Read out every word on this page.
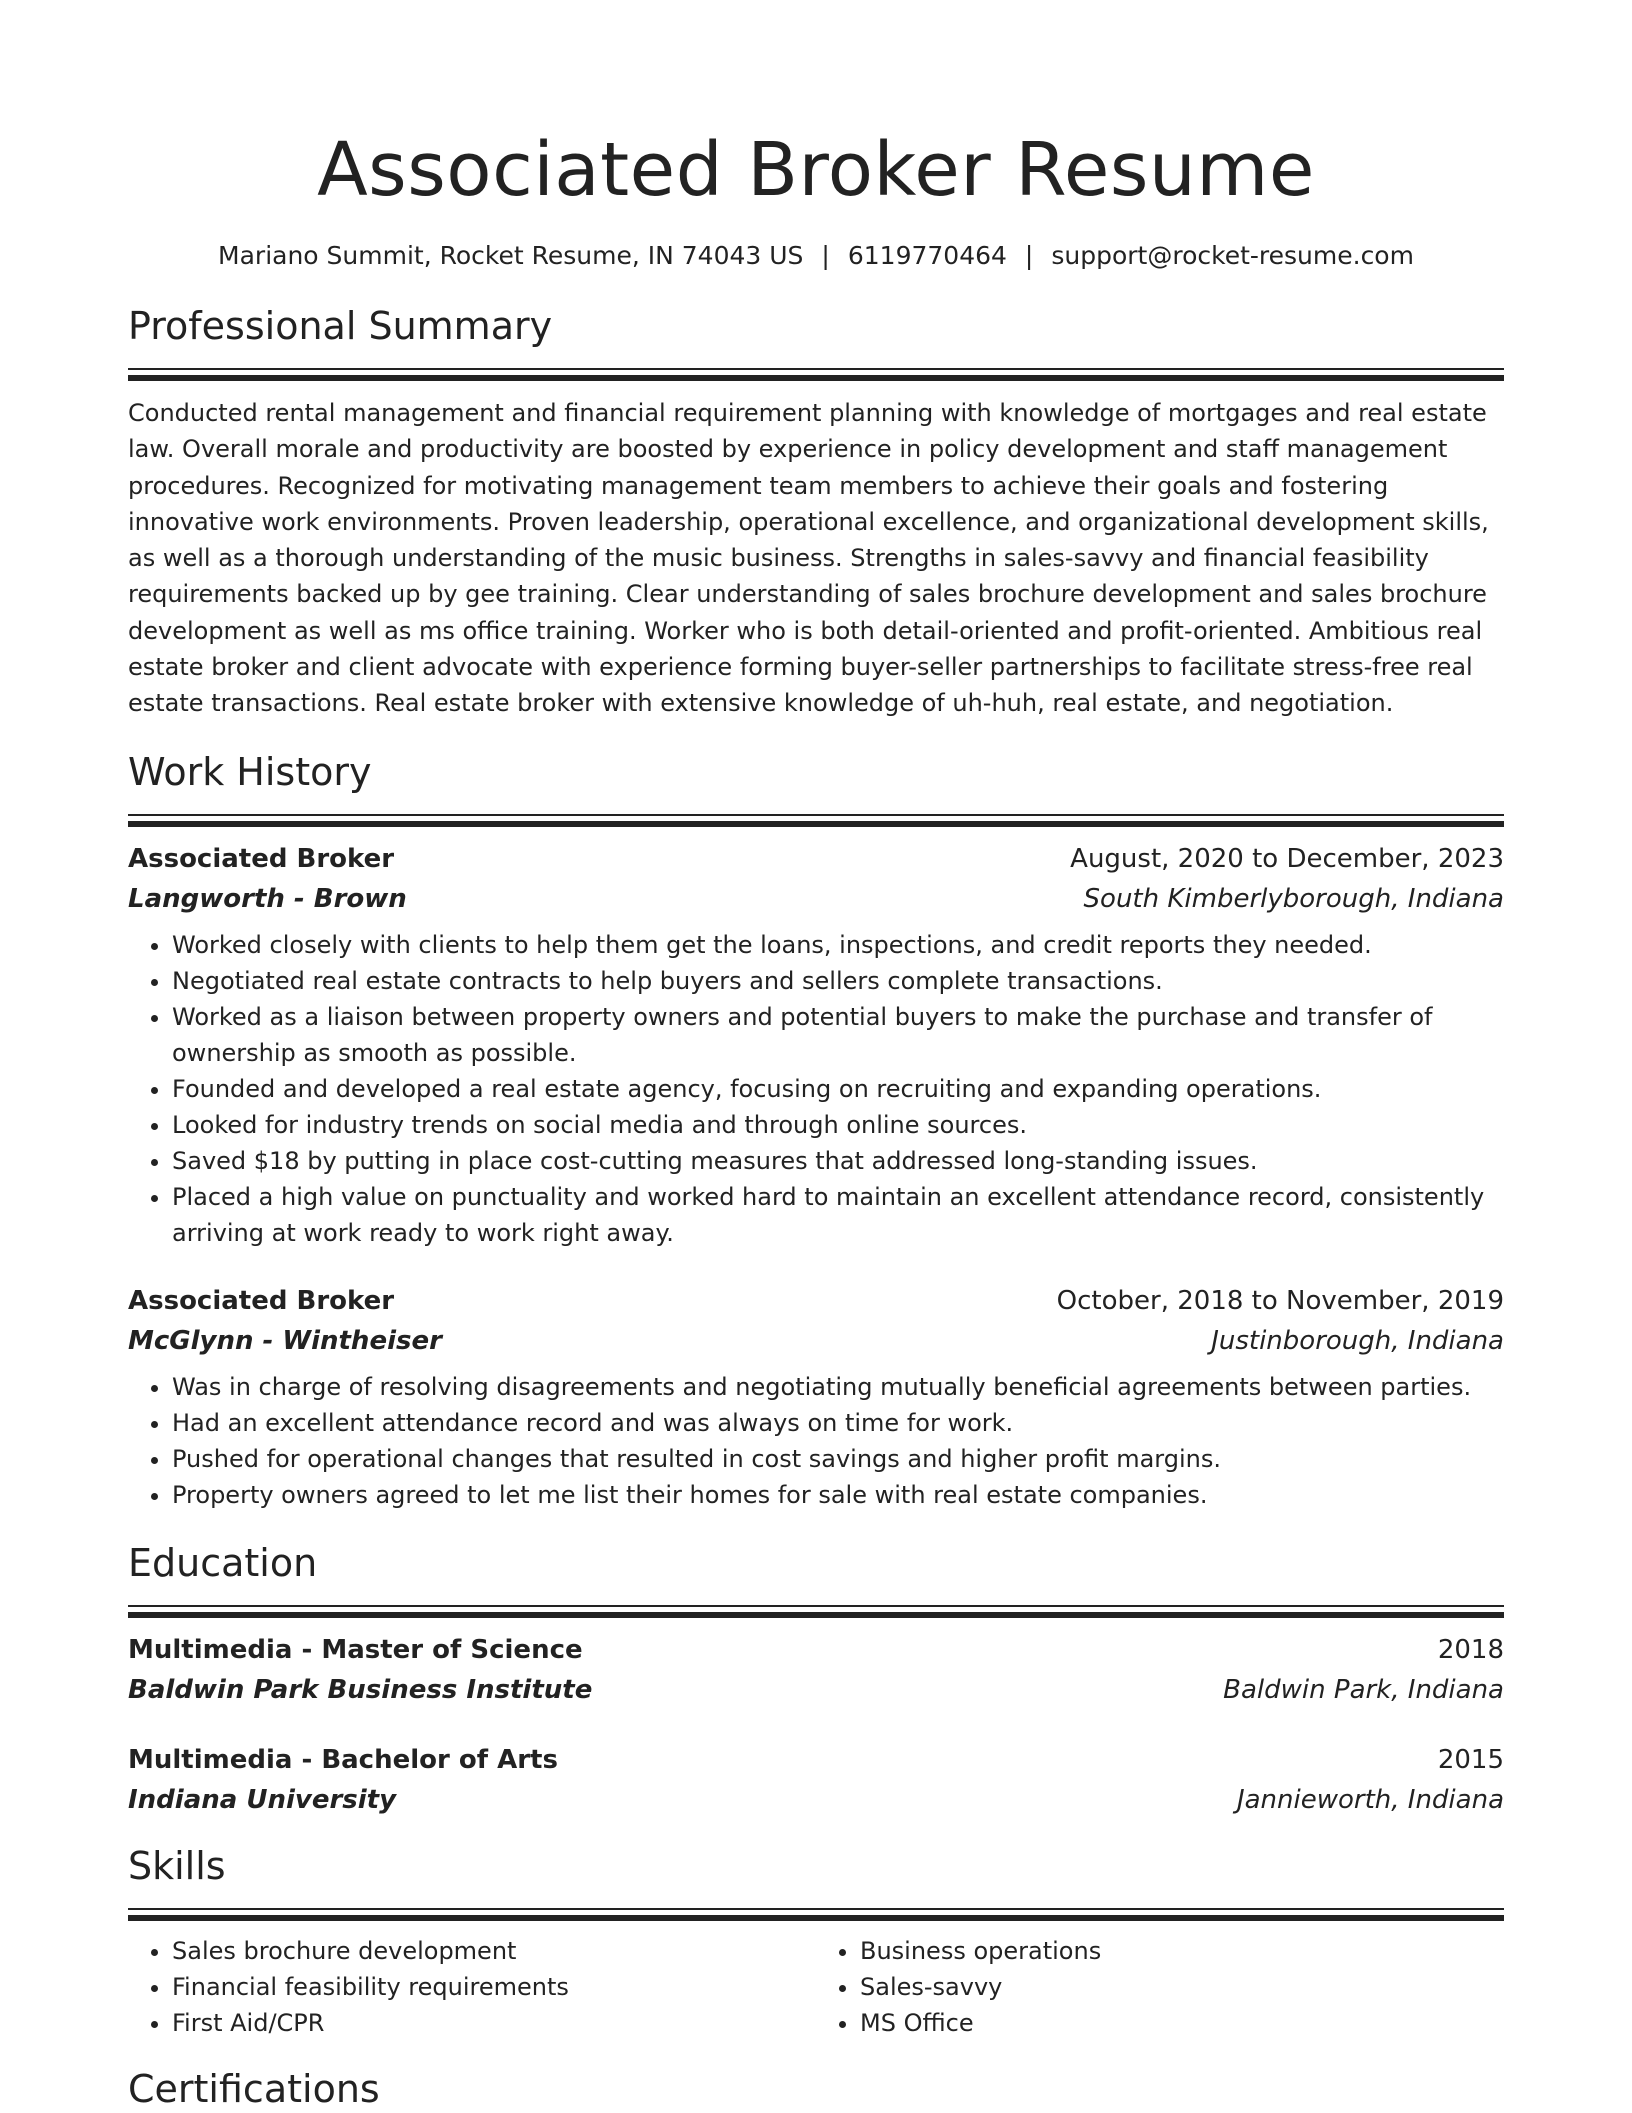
Associated Broker Resume
Mariano Summit, Rocket Resume, IN 74043 US | 6119770464 | support@rocket-resume.com
Professional Summary
Conducted rental management and financial requirement planning with knowledge of mortgages and real estate law. Overall morale and productivity are boosted by experience in policy development and staff management procedures. Recognized for motivating management team members to achieve their goals and fostering innovative work environments. Proven leadership, operational excellence, and organizational development skills, as well as a thorough understanding of the music business. Strengths in sales-savvy and financial feasibility requirements backed up by gee training. Clear understanding of sales brochure development and sales brochure development as well as ms office training. Worker who is both detail-oriented and profit-oriented. Ambitious real estate broker and client advocate with experience forming buyer-seller partnerships to facilitate stress-free real estate transactions. Real estate broker with extensive knowledge of uh-huh, real estate, and negotiation.
Work History
Associated Broker	August, 2020 to December, 2023
Langworth - Brown	South Kimberlyborough, Indiana
• Worked closely with clients to help them get the loans, inspections, and credit reports they needed.
• Negotiated real estate contracts to help buyers and sellers complete transactions.
• Worked as a liaison between property owners and potential buyers to make the purchase and transfer of ownership as smooth as possible.
• Founded and developed a real estate agency, focusing on recruiting and expanding operations.
• Looked for industry trends on social media and through online sources.
• Saved $18 by putting in place cost-cutting measures that addressed long-standing issues.
• Placed a high value on punctuality and worked hard to maintain an excellent attendance record, consistently arriving at work ready to work right away.
Associated Broker	October, 2018 to November, 2019
McGlynn - Wintheiser	Justinborough, Indiana
• Was in charge of resolving disagreements and negotiating mutually beneficial agreements between parties.
• Had an excellent attendance record and was always on time for work.
• Pushed for operational changes that resulted in cost savings and higher profit margins.
• Property owners agreed to let me list their homes for sale with real estate companies.
Education
Multimedia - Master of Science	2018
Baldwin Park Business Institute	Baldwin Park, Indiana
Multimedia - Bachelor of Arts	2015
Indiana University	Jannieworth, Indiana
Skills
• Sales brochure development
• Financial feasibility requirements
• First Aid/CPR
• Business operations
• Sales-savvy
• MS Office
Certifications
